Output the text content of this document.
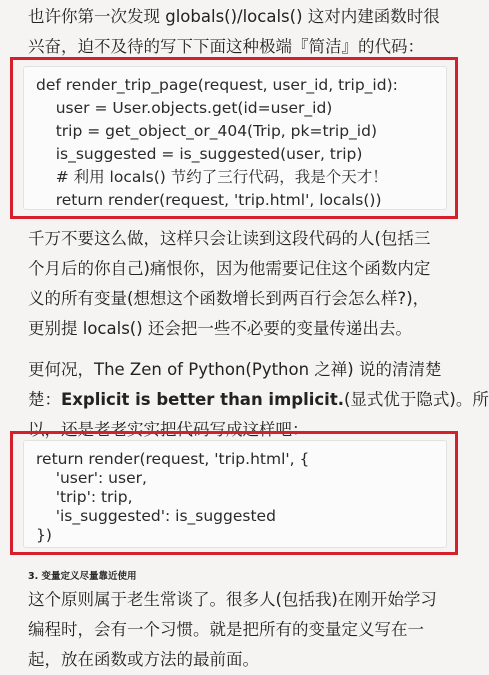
也许你第一次发现 globals()/locals() 这对内建函数时很
兴奋，迫不及待的写下下面这种极端『简洁』的代码：

def render_trip_page(request, user_id, trip_id):
user = User.objects.get(id=user_id)
trip = get_object_or_404(Trip, pk=trip_id)
is_suggested = is_suggested(user, trip)
# 利用 locals() 节约了三行代码，我是个天才！
return render(request, 'trip.html', locals())

千万不要这么做，这样只会让读到这段代码的人(包括三
个月后的你自己)痛恨你，因为他需要记住这个函数内定
义的所有变量(想想这个函数增长到两百行会怎么样?)，
更别提 locals() 还会把一些不必要的变量传递出去。

更何况，The Zen of Python(Python 之禅) 说的清清楚
楚：Explicit is better than implicit.(显式优于隐式)。所
以，还是老老实实把代码写成这样吧：

return render(request, 'trip.html', {
'user': user,
'trip': trip,
'is_suggested': is_suggested
})
3. 变量定义尽量靠近使用

这个原则属于老生常谈了。很多人(包括我)在刚开始学习
编程时，会有一个习惯。就是把所有的变量定义写在一
起，放在函数或方法的最前面。
